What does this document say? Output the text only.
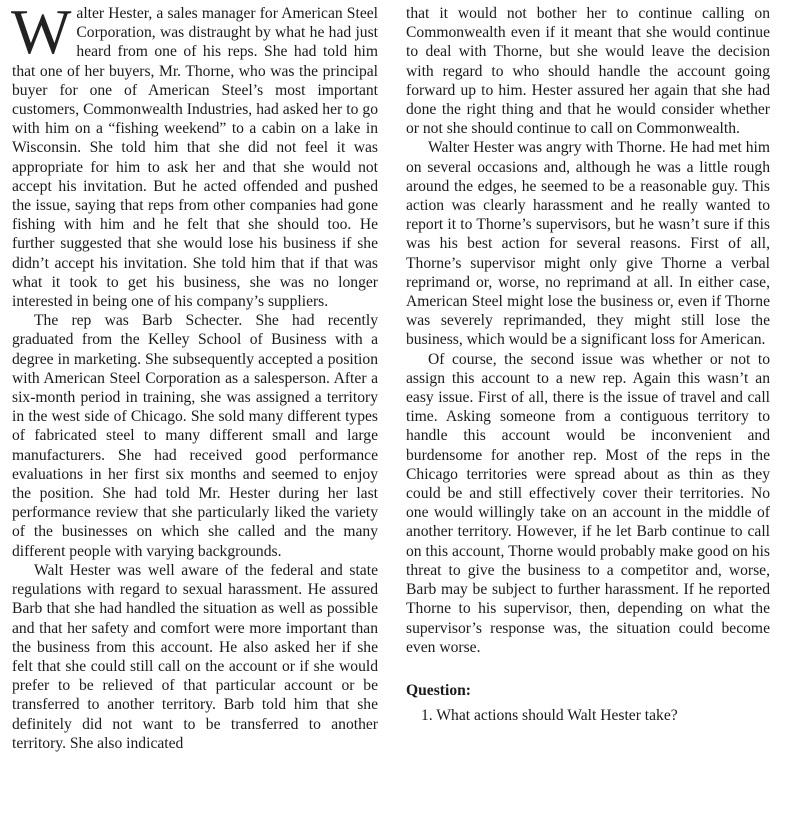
Walter Hester, a sales manager for American Steel Corporation, was distraught by what he had just heard from one of his reps. She had told him that one of her buyers, Mr. Thorne, who was the principal buyer for one of American Steel’s most important customers, Commonwealth Industries, had asked her to go with him on a “fishing weekend” to a cabin on a lake in Wisconsin. She told him that she did not feel it was appropriate for him to ask her and that she would not accept his invitation. But he acted offended and pushed the issue, saying that reps from other companies had gone fishing with him and he felt that she should too. He further suggested that she would lose his business if she didn’t accept his invitation. She told him that if that was what it took to get his business, she was no longer interested in being one of his company’s suppliers.

The rep was Barb Schecter. She had recently graduated from the Kelley School of Business with a degree in marketing. She subsequently accepted a position with American Steel Corporation as a salesperson. After a six-month period in training, she was assigned a territory in the west side of Chicago. She sold many different types of fabricated steel to many different small and large manufacturers. She had received good performance evaluations in her first six months and seemed to enjoy the position. She had told Mr. Hester during her last performance review that she particularly liked the variety of the businesses on which she called and the many different people with varying backgrounds.

Walt Hester was well aware of the federal and state regulations with regard to sexual harassment. He assured Barb that she had handled the situation as well as possible and that her safety and comfort were more important than the business from this account. He also asked her if she felt that she could still call on the account or if she would prefer to be relieved of that particular account or be transferred to another territory. Barb told him that she definitely did not want to be transferred to another territory. She also indicated

that it would not bother her to continue calling on Commonwealth even if it meant that she would continue to deal with Thorne, but she would leave the decision with regard to who should handle the account going forward up to him. Hester assured her again that she had done the right thing and that he would consider whether or not she should continue to call on Commonwealth.

Walter Hester was angry with Thorne. He had met him on several occasions and, although he was a little rough around the edges, he seemed to be a reasonable guy. This action was clearly harassment and he really wanted to report it to Thorne’s supervisors, but he wasn’t sure if this was his best action for several reasons. First of all, Thorne’s supervisor might only give Thorne a verbal reprimand or, worse, no reprimand at all. In either case, American Steel might lose the business or, even if Thorne was severely reprimanded, they might still lose the business, which would be a significant loss for American.

Of course, the second issue was whether or not to assign this account to a new rep. Again this wasn’t an easy issue. First of all, there is the issue of travel and call time. Asking someone from a contiguous territory to handle this account would be inconvenient and burdensome for another rep. Most of the reps in the Chicago territories were spread about as thin as they could be and still effectively cover their territories. No one would willingly take on an account in the middle of another territory. However, if he let Barb continue to call on this account, Thorne would probably make good on his threat to give the business to a competitor and, worse, Barb may be subject to further harassment. If he reported Thorne to his supervisor, then, depending on what the supervisor’s response was, the situation could become even worse.

Question:
1. What actions should Walt Hester take?
